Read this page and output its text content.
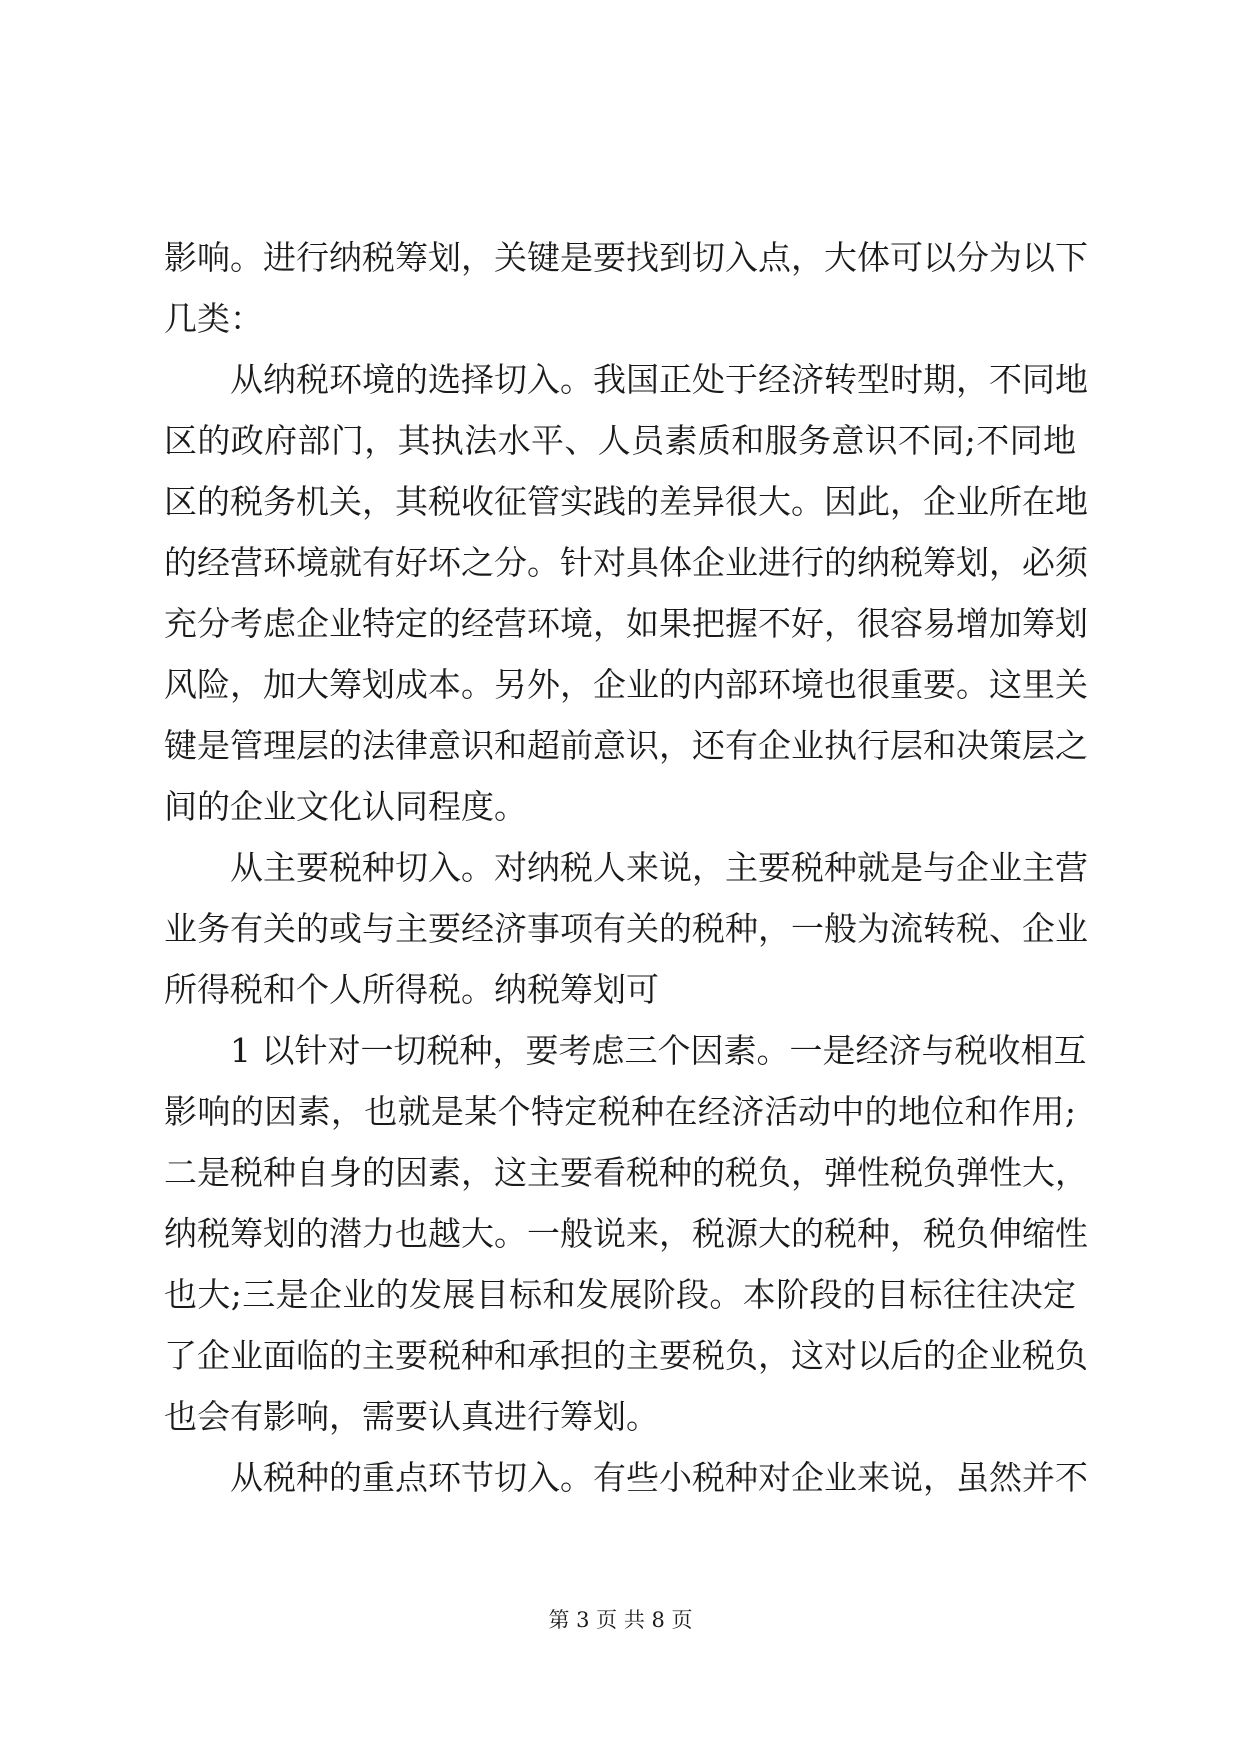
影响。进行纳税筹划，关键是要找到切入点，大体可以分为以下
几类：
从纳税环境的选择切入。我国正处于经济转型时期，不同地
区的政府部门，其执法水平、人员素质和服务意识不同;不同地
区的税务机关，其税收征管实践的差异很大。因此，企业所在地
的经营环境就有好坏之分。针对具体企业进行的纳税筹划，必须
充分考虑企业特定的经营环境，如果把握不好，很容易增加筹划
风险，加大筹划成本。另外，企业的内部环境也很重要。这里关
键是管理层的法律意识和超前意识，还有企业执行层和决策层之
间的企业文化认同程度。
从主要税种切入。对纳税人来说，主要税种就是与企业主营
业务有关的或与主要经济事项有关的税种，一般为流转税、企业
所得税和个人所得税。纳税筹划可
1 以针对一切税种，要考虑三个因素。一是经济与税收相互
影响的因素，也就是某个特定税种在经济活动中的地位和作用;
二是税种自身的因素，这主要看税种的税负，弹性税负弹性大，
纳税筹划的潜力也越大。一般说来，税源大的税种，税负伸缩性
也大;三是企业的发展目标和发展阶段。本阶段的目标往往决定
了企业面临的主要税种和承担的主要税负，这对以后的企业税负
也会有影响，需要认真进行筹划。
从税种的重点环节切入。有些小税种对企业来说，虽然并不
第 3 页 共 8 页
